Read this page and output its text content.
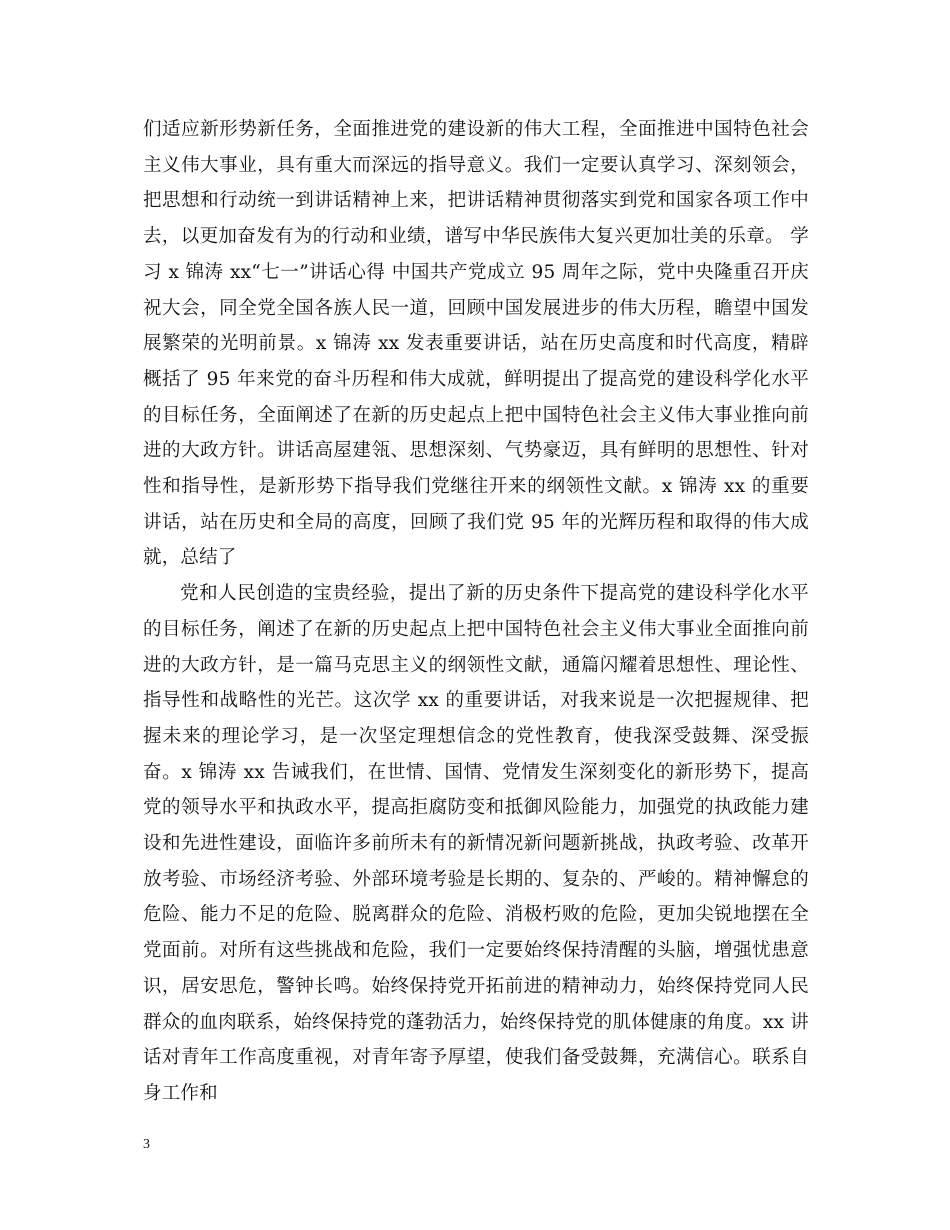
们适应新形势新任务，全面推进党的建设新的伟大工程，全面推进中国特色社会主义伟大事业，具有重大而深远的指导意义。我们一定要认真学习、深刻领会，把思想和行动统一到讲话精神上来，把讲话精神贯彻落实到党和国家各项工作中去，以更加奋发有为的行动和业绩，谱写中华民族伟大复兴更加壮美的乐章。 学习 x 锦涛 xx“七一”讲话心得 中国共产党成立 95 周年之际，党中央隆重召开庆祝大会，同全党全国各族人民一道，回顾中国发展进步的伟大历程，瞻望中国发展繁荣的光明前景。x 锦涛 xx 发表重要讲话，站在历史高度和时代高度，精辟概括了 95 年来党的奋斗历程和伟大成就，鲜明提出了提高党的建设科学化水平的目标任务，全面阐述了在新的历史起点上把中国特色社会主义伟大事业推向前进的大政方针。讲话高屋建瓴、思想深刻、气势豪迈，具有鲜明的思想性、针对性和指导性，是新形势下指导我们党继往开来的纲领性文献。x 锦涛 xx 的重要讲话，站在历史和全局的高度，回顾了我们党 95 年的光辉历程和取得的伟大成就，总结了

党和人民创造的宝贵经验，提出了新的历史条件下提高党的建设科学化水平的目标任务，阐述了在新的历史起点上把中国特色社会主义伟大事业全面推向前进的大政方针，是一篇马克思主义的纲领性文献，通篇闪耀着思想性、理论性、指导性和战略性的光芒。这次学 xx 的重要讲话，对我来说是一次把握规律、把握未来的理论学习，是一次坚定理想信念的党性教育，使我深受鼓舞、深受振奋。x 锦涛 xx 告诫我们，在世情、国情、党情发生深刻变化的新形势下，提高党的领导水平和执政水平，提高拒腐防变和抵御风险能力，加强党的执政能力建设和先进性建设，面临许多前所未有的新情况新问题新挑战，执政考验、改革开放考验、市场经济考验、外部环境考验是长期的、复杂的、严峻的。精神懈怠的危险、能力不足的危险、脱离群众的危险、消极朽败的危险，更加尖锐地摆在全党面前。对所有这些挑战和危险，我们一定要始终保持清醒的头脑，增强忧患意识，居安思危，警钟长鸣。始终保持党开拓前进的精神动力，始终保持党同人民群众的血肉联系，始终保持党的蓬勃活力，始终保持党的肌体健康的角度。xx 讲话对青年工作高度重视，对青年寄予厚望，使我们备受鼓舞，充满信心。联系自身工作和

3
